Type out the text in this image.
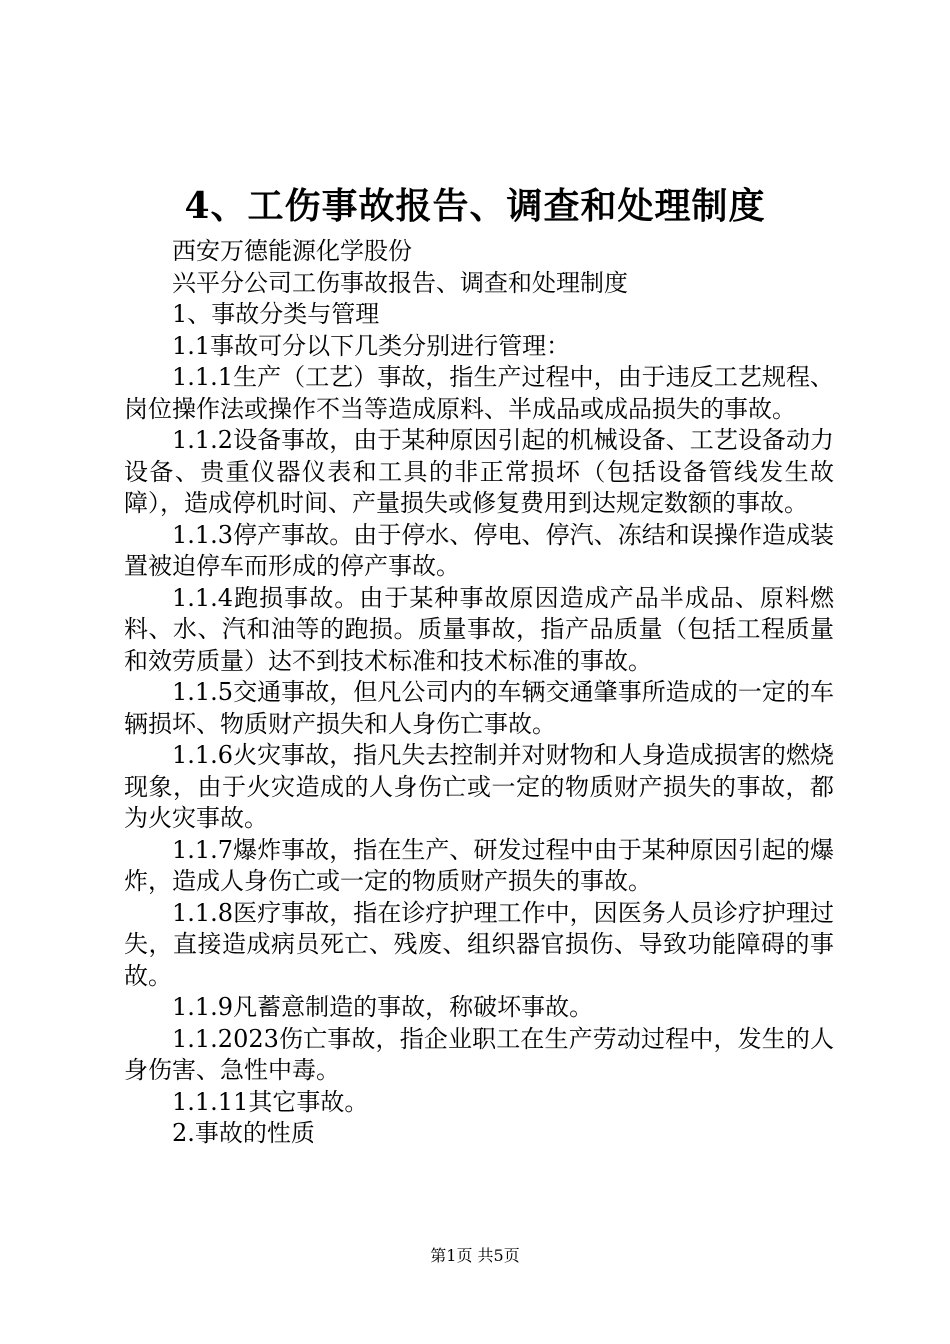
4、工伤事故报告、调查和处理制度

西安万德能源化学股份

兴平分公司工伤事故报告、调查和处理制度

1、事故分类与管理

1.1事故可分以下几类分别进行管理：

1.1.1生产（工艺）事故，指生产过程中，由于违反工艺规程、岗位操作法或操作不当等造成原料、半成品或成品损失的事故。

1.1.2设备事故，由于某种原因引起的机械设备、工艺设备动力设备、贵重仪器仪表和工具的非正常损坏（包括设备管线发生故障），造成停机时间、产量损失或修复费用到达规定数额的事故。

1.1.3停产事故。由于停水、停电、停汽、冻结和误操作造成装置被迫停车而形成的停产事故。

1.1.4跑损事故。由于某种事故原因造成产品半成品、原料燃料、水、汽和油等的跑损。质量事故，指产品质量（包括工程质量和效劳质量）达不到技术标准和技术标准的事故。

1.1.5交通事故，但凡公司内的车辆交通肇事所造成的一定的车辆损坏、物质财产损失和人身伤亡事故。

1.1.6火灾事故，指凡失去控制并对财物和人身造成损害的燃烧现象，由于火灾造成的人身伤亡或一定的物质财产损失的事故，都为火灾事故。

1.1.7爆炸事故，指在生产、研发过程中由于某种原因引起的爆炸，造成人身伤亡或一定的物质财产损失的事故。

1.1.8医疗事故，指在诊疗护理工作中，因医务人员诊疗护理过失，直接造成病员死亡、残废、组织器官损伤、导致功能障碍的事故。

1.1.9凡蓄意制造的事故，称破坏事故。

1.1.2023伤亡事故，指企业职工在生产劳动过程中，发生的人身伤害、急性中毒。

1.1.11其它事故。

2.事故的性质

第1页 共5页
